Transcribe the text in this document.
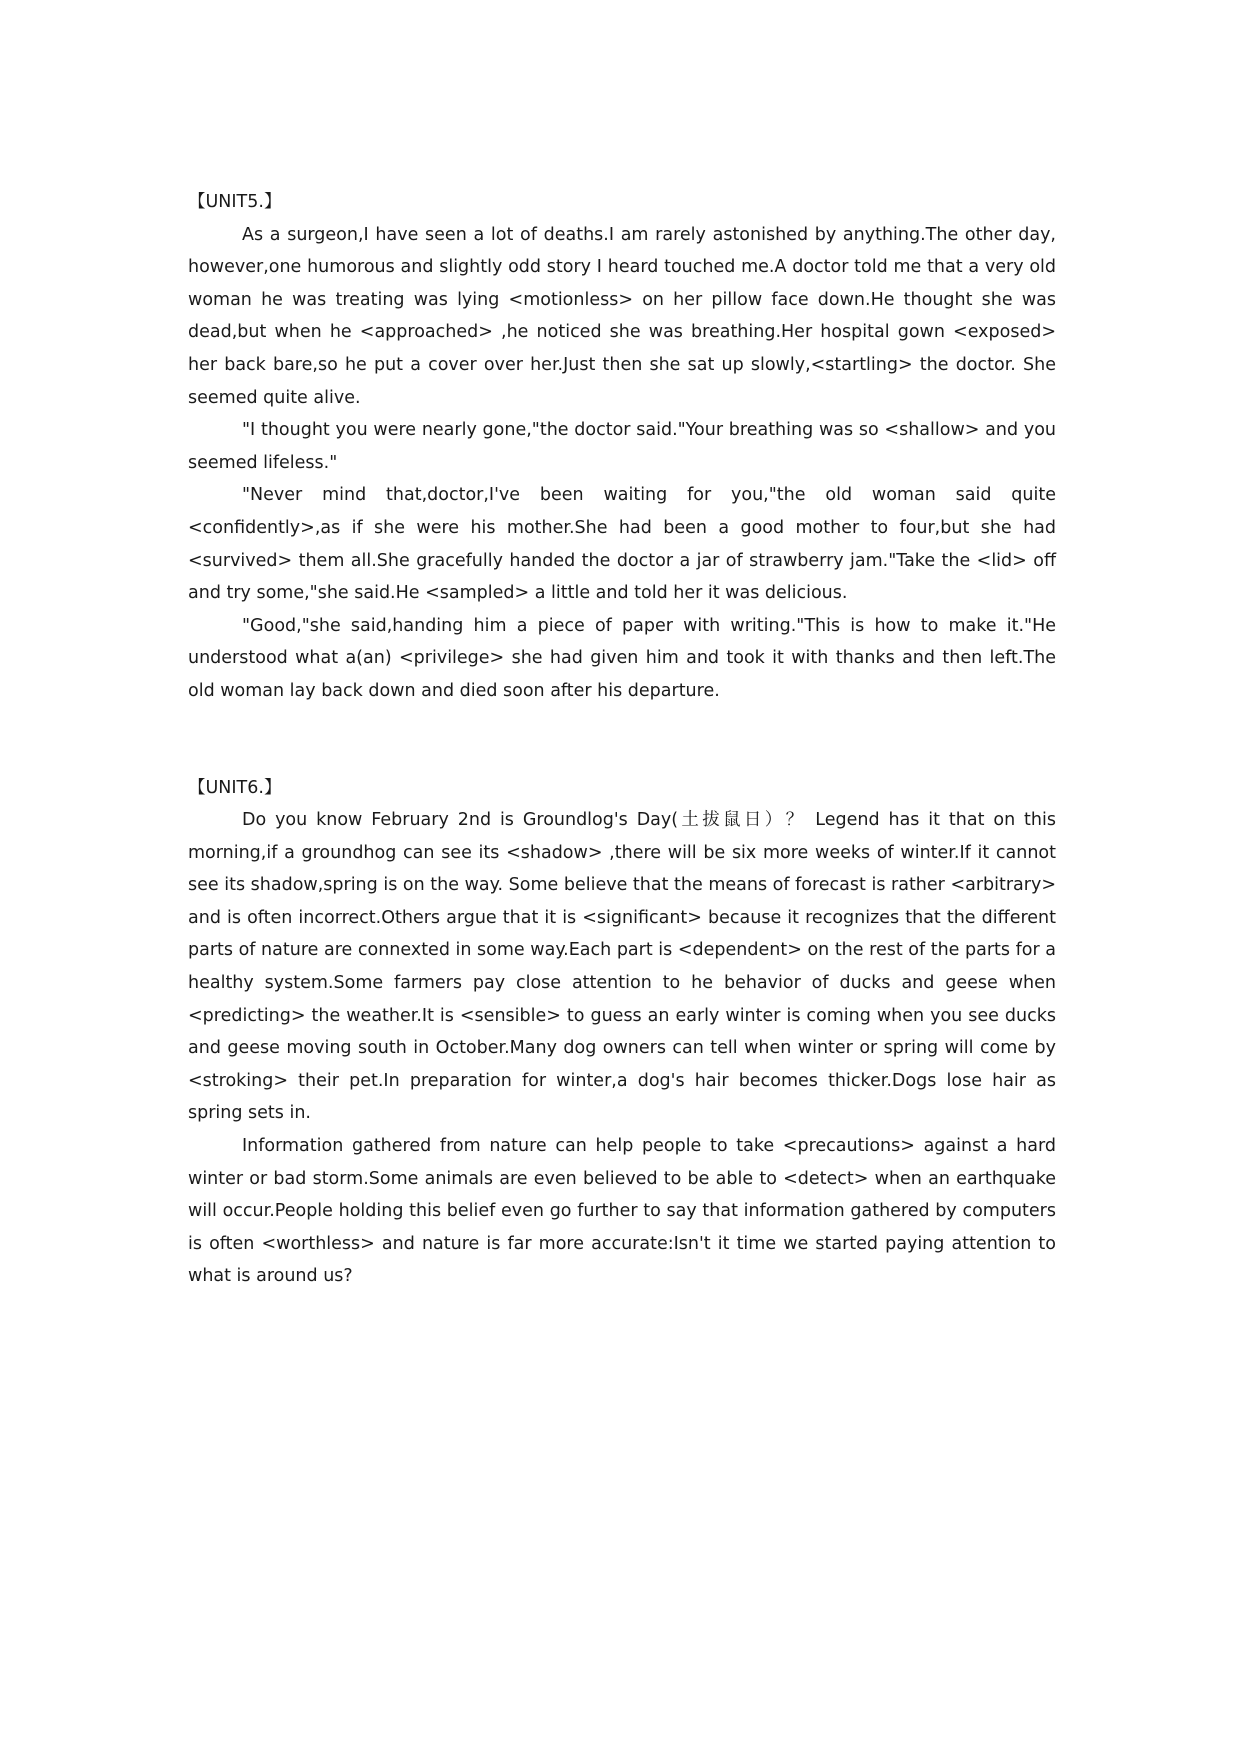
【UNIT5.】

As a surgeon,I have seen a lot of deaths.I am rarely astonished by anything.The other day, however,one humorous and slightly odd story I heard touched me.A doctor told me that a very old woman he was treating was lying <motionless> on her pillow face down.He thought she was dead,but when he <approached> ,he noticed she was breathing.Her hospital gown <exposed> her back bare,so he put a cover over her.Just then she sat up slowly,<startling> the doctor. She seemed quite alive.

"I thought you were nearly gone,"the doctor said."Your breathing was so <shallow> and you seemed lifeless."

"Never mind that,doctor,I've been waiting for you,"the old woman said quite <confidently>,as if she were his mother.She had been a good mother to four,but she had <survived> them all.She gracefully handed the doctor a jar of strawberry jam."Take the <lid> off and try some,"she said.He <sampled> a little and told her it was delicious.

"Good,"she said,handing him a piece of paper with writing."This is how to make it."He understood what a(an) <privilege> she had given him and took it with thanks and then left.The old woman lay back down and died soon after his departure.

【UNIT6.】

Do you know February 2nd is Groundlog's Day(土拔鼠日）？ Legend has it that on this morning,if a groundhog can see its <shadow> ,there will be six more weeks of winter.If it cannot see its shadow,spring is on the way. Some believe that the means of forecast is rather <arbitrary> and is often incorrect.Others argue that it is <significant> because it recognizes that the different parts of nature are connexted in some way.Each part is <dependent> on the rest of the parts for a healthy system.Some farmers pay close attention to he behavior of ducks and geese when <predicting> the weather.It is <sensible> to guess an early winter is coming when you see ducks and geese moving south in October.Many dog owners can tell when winter or spring will come by <stroking> their pet.In preparation for winter,a dog's hair becomes thicker.Dogs lose hair as spring sets in.

Information gathered from nature can help people to take <precautions> against a hard winter or bad storm.Some animals are even believed to be able to <detect> when an earthquake will occur.People holding this belief even go further to say that information gathered by computers is often <worthless> and nature is far more accurate:Isn't it time we started paying attention to what is around us?
